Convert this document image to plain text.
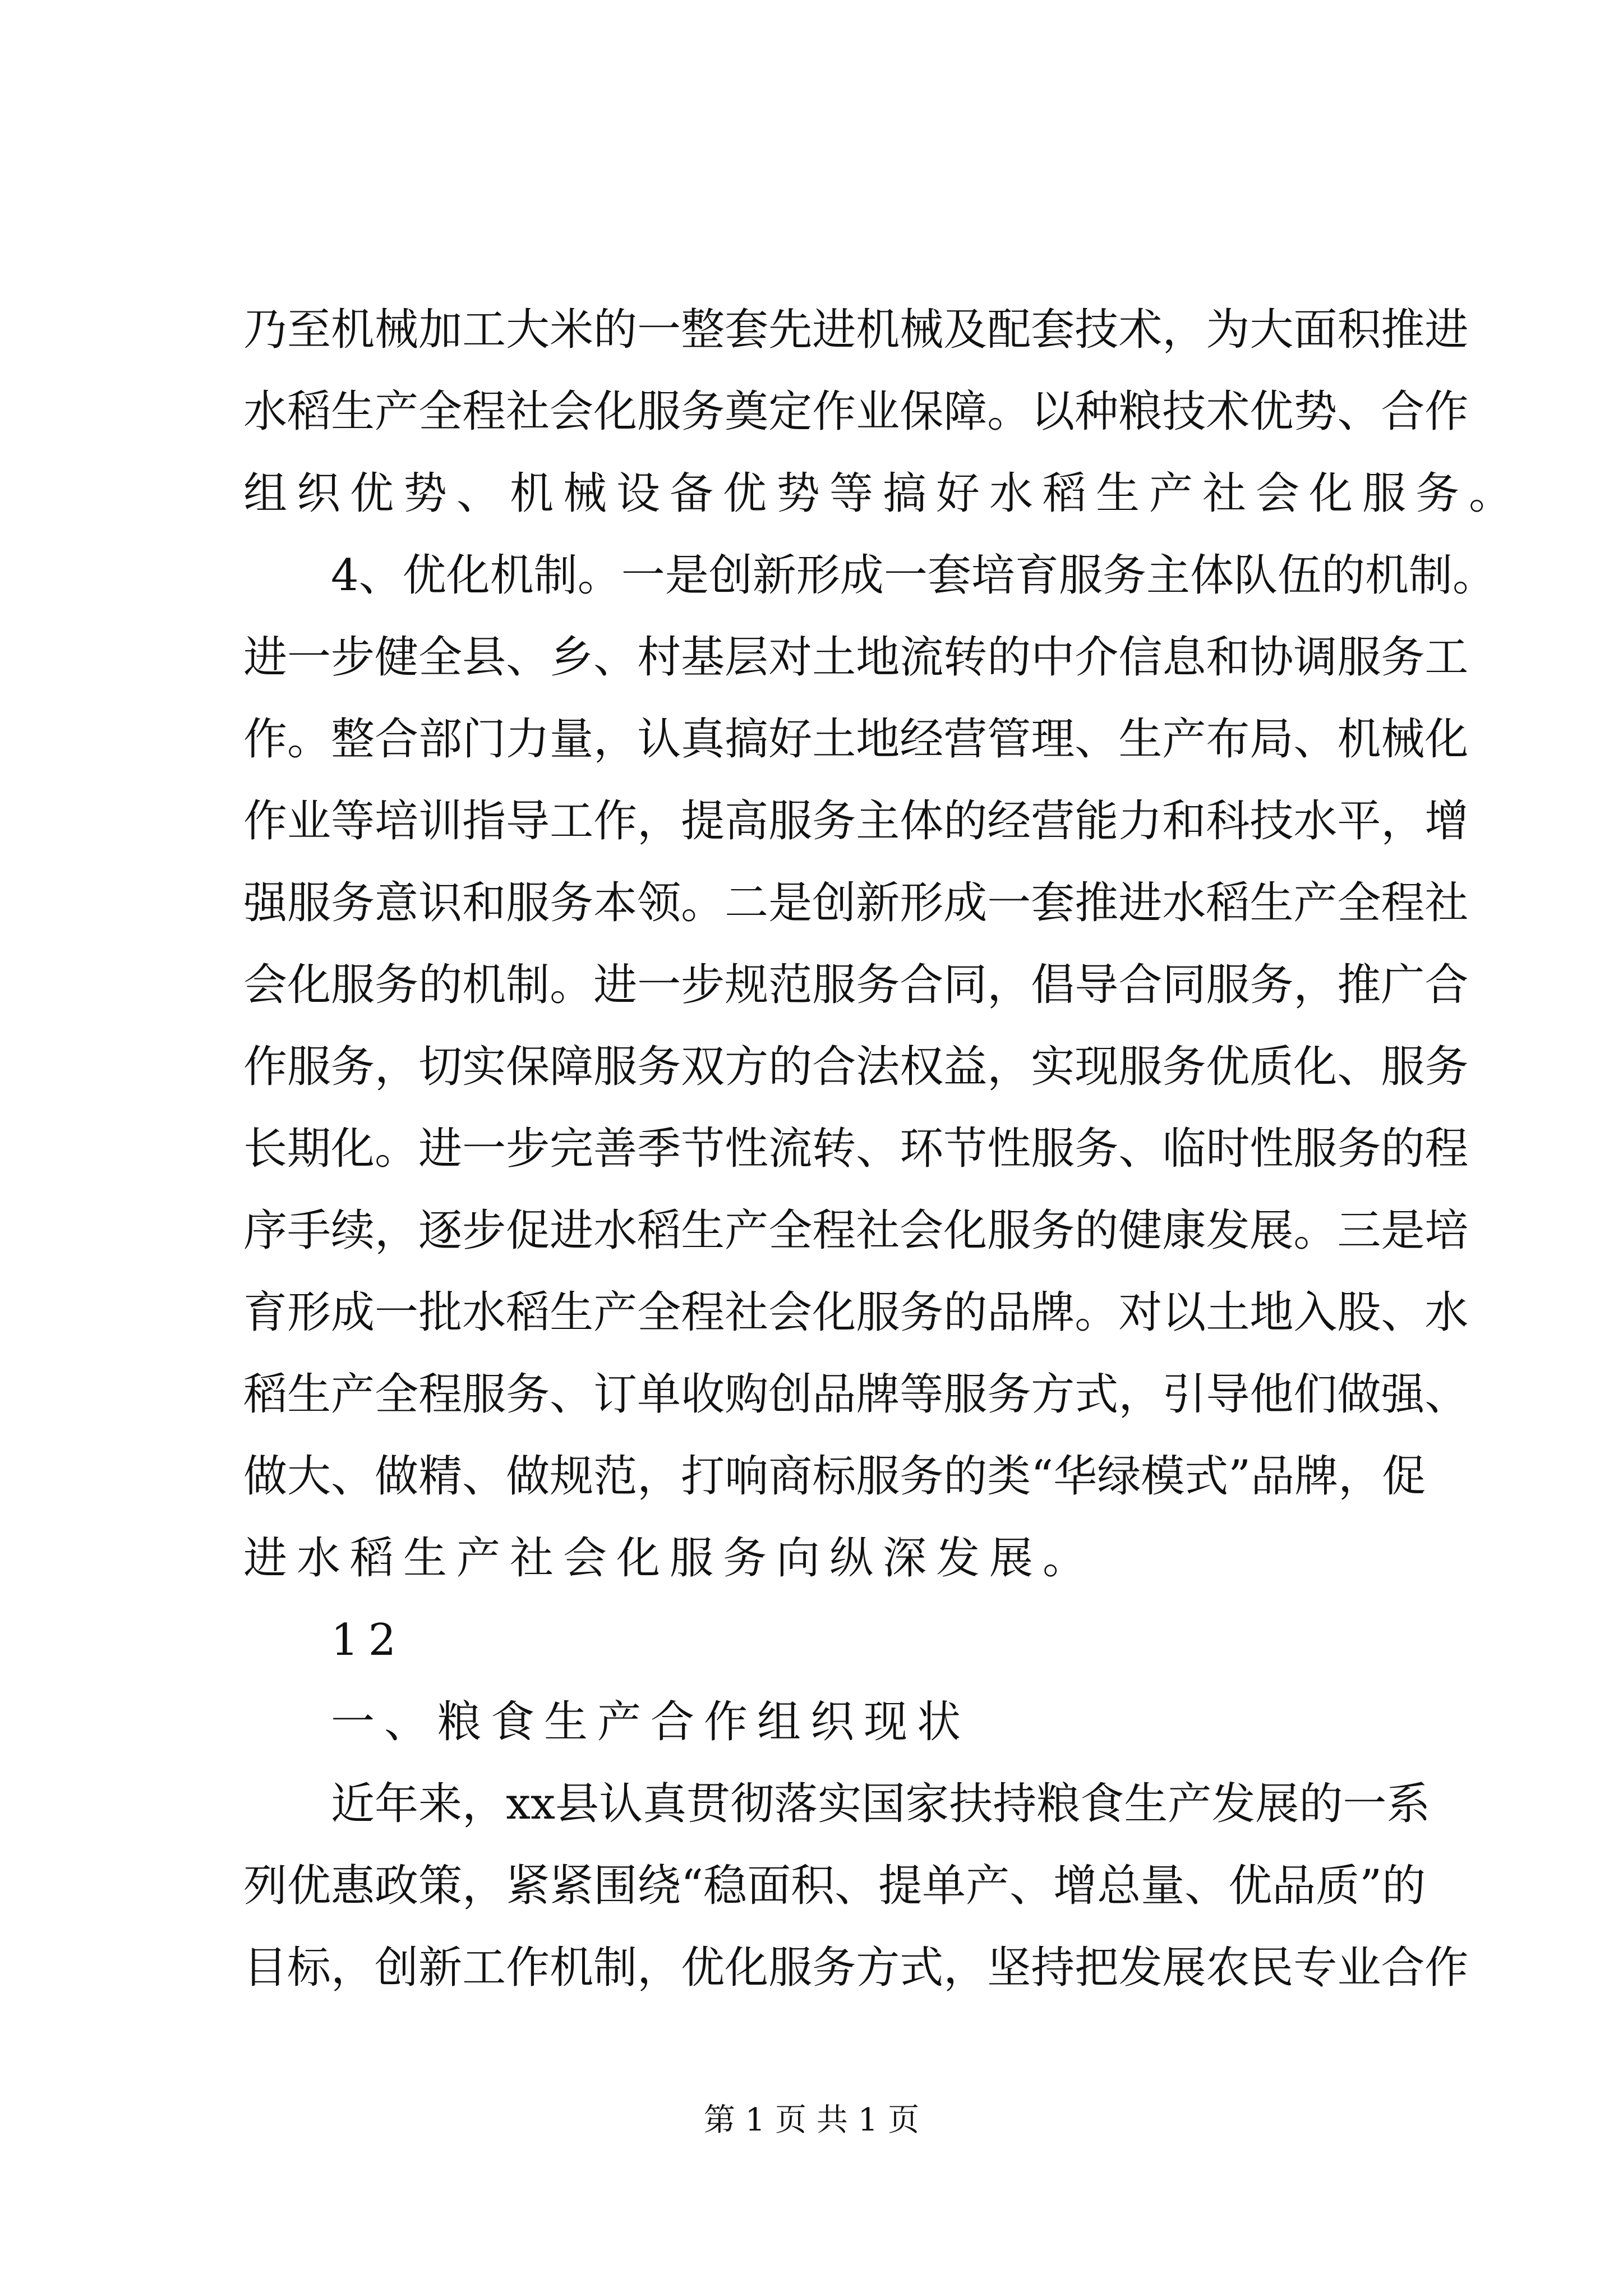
乃 至 机 械 加 工 大 米 的 一 整 套 先 进 机 械 及 配 套 技 术 ， 为 大 面 积 推 进
水 稻 生 产 全 程 社 会 化 服 务 奠 定 作 业 保 障 。 以 种 粮 技 术 优 势 、 合 作
组织优势、机械设备优势等搞好水稻生产社会化服务。
4 、 优 化 机 制 。 一 是 创 新 形 成 一 套 培 育 服 务 主 体 队 伍 的 机 制 。
进 一 步 健 全 县 、 乡 、 村 基 层 对 土 地 流 转 的 中 介 信 息 和 协 调 服 务 工
作 。 整 合 部 门 力 量 ， 认 真 搞 好 土 地 经 营 管 理 、 生 产 布 局 、 机 械 化
作 业 等 培 训 指 导 工 作 ， 提 高 服 务 主 体 的 经 营 能 力 和 科 技 水 平 ， 增
强 服 务 意 识 和 服 务 本 领 。 二 是 创 新 形 成 一 套 推 进 水 稻 生 产 全 程 社
会 化 服 务 的 机 制 。 进 一 步 规 范 服 务 合 同 ， 倡 导 合 同 服 务 ， 推 广 合
作 服 务 ， 切 实 保 障 服 务 双 方 的 合 法 权 益 ， 实 现 服 务 优 质 化 、 服 务
长 期 化 。 进 一 步 完 善 季 节 性 流 转 、 环 节 性 服 务 、 临 时 性 服 务 的 程
序 手 续 ， 逐 步 促 进 水 稻 生 产 全 程 社 会 化 服 务 的 健 康 发 展 。 三 是 培
育 形 成 一 批 水 稻 生 产 全 程 社 会 化 服 务 的 品 牌 。 对 以 土 地 入 股 、 水
稻 生 产 全 程 服 务 、 订 单 收 购 创 品 牌 等 服 务 方 式 ， 引 导 他 们 做 强 、
做 大 、 做 精 、 做 规 范 ， 打 响 商 标 服 务 的 类 “ 华 绿 模 式 ” 品 牌 ， 促
进水稻生产社会化服务向纵深发展。
12
一、粮食生产合作组织现状
近 年 来 ， xx 县 认 真 贯 彻 落 实 国 家 扶 持 粮 食 生 产 发 展 的 一 系
列 优 惠 政 策 ， 紧 紧 围 绕 “ 稳 面 积 、 提 单 产 、 增 总 量 、 优 品 质 ” 的
目 标 ， 创 新 工 作 机 制 ， 优 化 服 务 方 式 ， 坚 持 把 发 展 农 民 专 业 合 作
第 1 页 共 1 页
